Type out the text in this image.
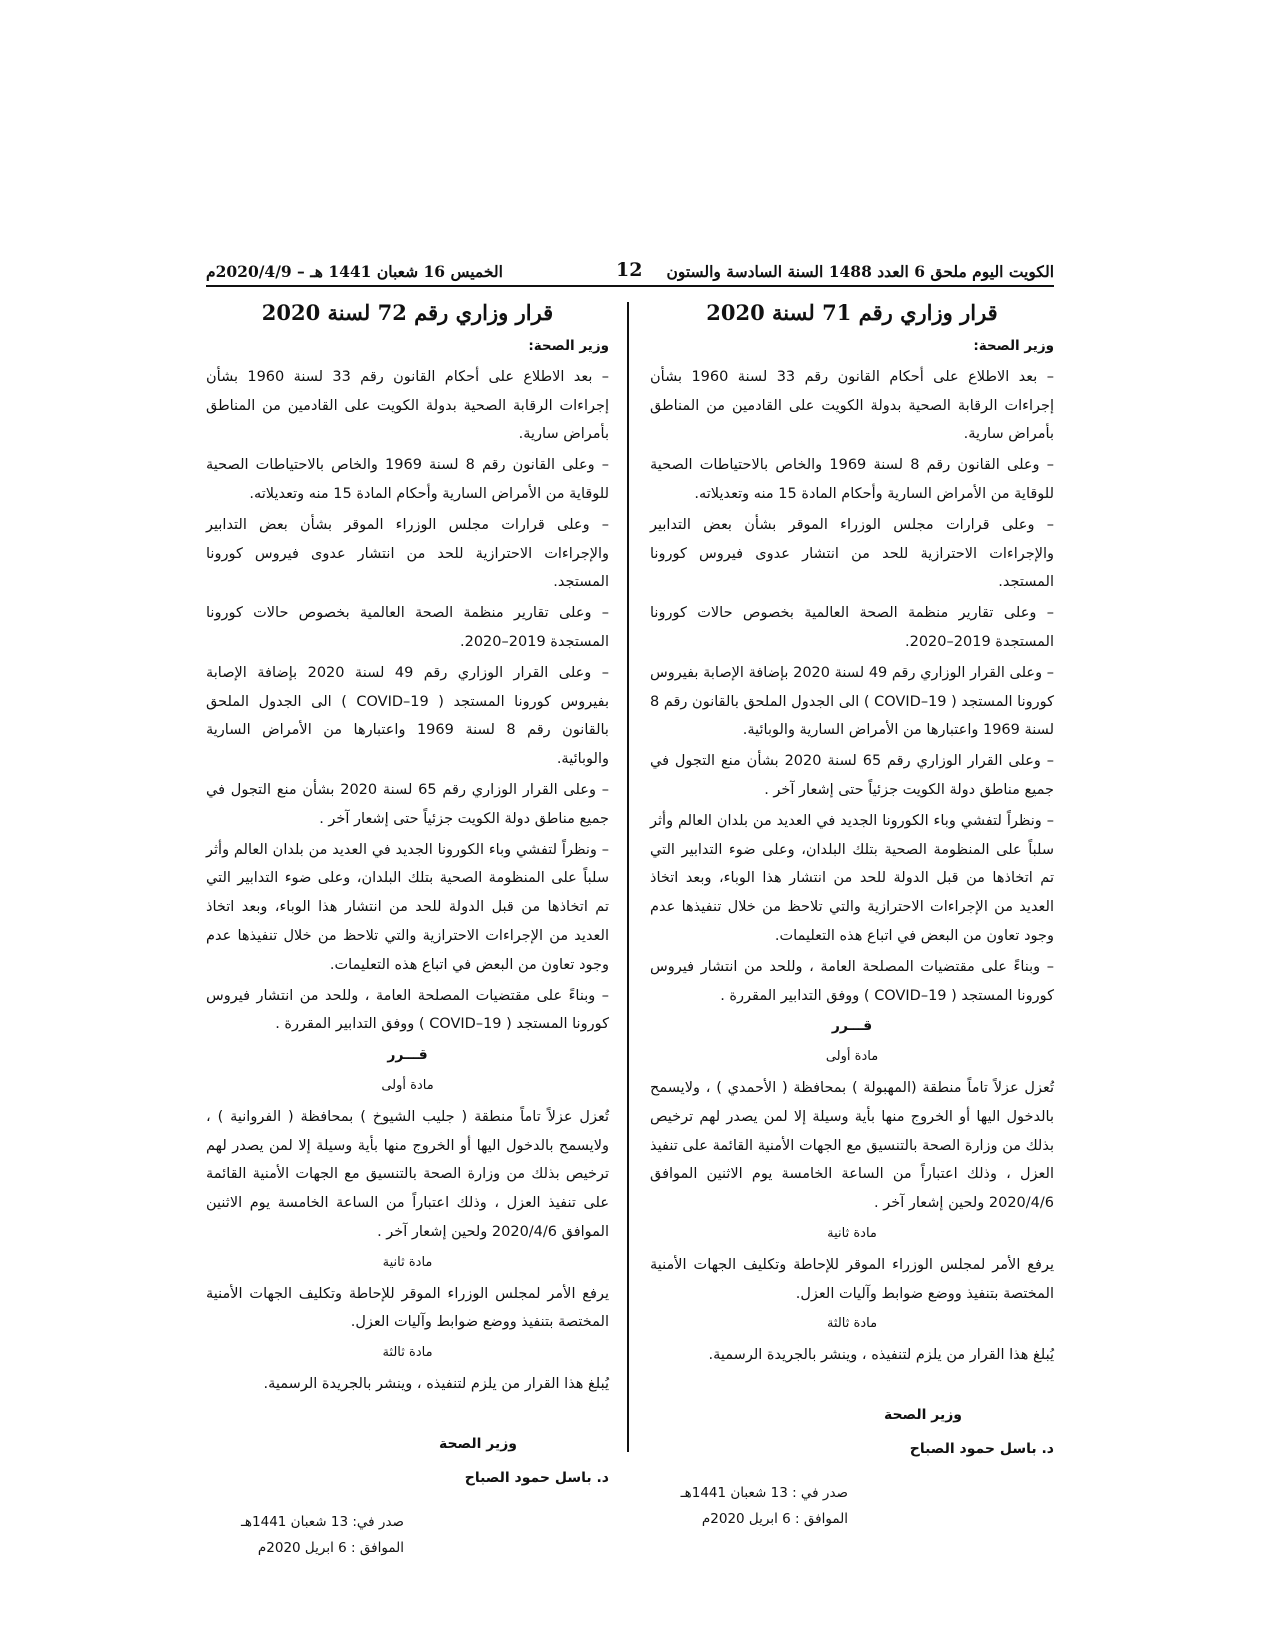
الكويت اليوم ملحق 6 العدد 1488 السنة السادسة والستون
12
الخميس 16 شعبان 1441 هـ – 2020/4/9م
قرار وزاري رقم 71 لسنة 2020
وزير الصحة:

– بعد الاطلاع على أحكام القانون رقم 33 لسنة 1960 بشأن إجراءات الرقابة الصحية بدولة الكويت على القادمين من المناطق بأمراض سارية.

– وعلى القانون رقم 8 لسنة 1969 والخاص بالاحتياطات الصحية للوقاية من الأمراض السارية وأحكام المادة 15 منه وتعديلاته.

– وعلى قرارات مجلس الوزراء الموقر بشأن بعض التدابير والإجراءات الاحترازية للحد من انتشار عدوى فيروس كورونا المستجد.

– وعلى تقارير منظمة الصحة العالمية بخصوص حالات كورونا المستجدة 2019–2020.

– وعلى القرار الوزاري رقم 49 لسنة 2020 بإضافة الإصابة بفيروس كورونا المستجد ( COVID–19 ) الى الجدول الملحق بالقانون رقم 8 لسنة 1969 واعتبارها من الأمراض السارية والوبائية.

– وعلى القرار الوزاري رقم 65 لسنة 2020 بشأن منع التجول في جميع مناطق دولة الكويت جزئياً حتى إشعار آخر .

– ونظراً لتفشي وباء الكورونا الجديد في العديد من بلدان العالم وأثر سلباً على المنظومة الصحية بتلك البلدان، وعلى ضوء التدابير التي تم اتخاذها من قبل الدولة للحد من انتشار هذا الوباء، وبعد اتخاذ العديد من الإجراءات الاحترازية والتي تلاحظ من خلال تنفيذها عدم وجود تعاون من البعض في اتباع هذه التعليمات.

– وبناءً على مقتضيات المصلحة العامة ، وللحد من انتشار فيروس كورونا المستجد ( COVID–19 ) ووفق التدابير المقررة .

قـــرر
مادة أولى

تُعزل عزلاً تاماً منطقة (المهبولة ) بمحافظة ( الأحمدي ) ، ولايسمح بالدخول اليها أو الخروج منها بأية وسيلة إلا لمن يصدر لهم ترخيص بذلك من وزارة الصحة بالتنسيق مع الجهات الأمنية القائمة على تنفيذ العزل ، وذلك اعتباراً من الساعة الخامسة يوم الاثنين الموافق 2020/4/6 ولحين إشعار آخر .

مادة ثانية

يرفع الأمر لمجلس الوزراء الموقر للإحاطة وتكليف الجهات الأمنية المختصة بتنفيذ ووضع ضوابط وآليات العزل.

مادة ثالثة

يُبلغ هذا القرار من يلزم لتنفيذه ، وينشر بالجريدة الرسمية.

وزير الصحة
د. باسل حمود الصباح
صدر في : 13 شعبان 1441هـ
الموافق : 6 ابريل 2020م
قرار وزاري رقم 72 لسنة 2020
وزير الصحة:

– بعد الاطلاع على أحكام القانون رقم 33 لسنة 1960 بشأن إجراءات الرقابة الصحية بدولة الكويت على القادمين من المناطق بأمراض سارية.

– وعلى القانون رقم 8 لسنة 1969 والخاص بالاحتياطات الصحية للوقاية من الأمراض السارية وأحكام المادة 15 منه وتعديلاته.

– وعلى قرارات مجلس الوزراء الموقر بشأن بعض التدابير والإجراءات الاحترازية للحد من انتشار عدوى فيروس كورونا المستجد.

– وعلى تقارير منظمة الصحة العالمية بخصوص حالات كورونا المستجدة 2019–2020.

– وعلى القرار الوزاري رقم 49 لسنة 2020 بإضافة الإصابة بفيروس كورونا المستجد ( COVID–19 ) الى الجدول الملحق بالقانون رقم 8 لسنة 1969 واعتبارها من الأمراض السارية والوبائية.

– وعلى القرار الوزاري رقم 65 لسنة 2020 بشأن منع التجول في جميع مناطق دولة الكويت جزئياً حتى إشعار آخر .

– ونظراً لتفشي وباء الكورونا الجديد في العديد من بلدان العالم وأثر سلباً على المنظومة الصحية بتلك البلدان، وعلى ضوء التدابير التي تم اتخاذها من قبل الدولة للحد من انتشار هذا الوباء، وبعد اتخاذ العديد من الإجراءات الاحترازية والتي تلاحظ من خلال تنفيذها عدم وجود تعاون من البعض في اتباع هذه التعليمات.

– وبناءً على مقتضيات المصلحة العامة ، وللحد من انتشار فيروس كورونا المستجد ( COVID–19 ) ووفق التدابير المقررة .

قـــرر
مادة أولى

تُعزل عزلاً تاماً منطقة ( جليب الشيوخ ) بمحافظة ( الفروانية ) ، ولايسمح بالدخول اليها أو الخروج منها بأية وسيلة إلا لمن يصدر لهم ترخيص بذلك من وزارة الصحة بالتنسيق مع الجهات الأمنية القائمة على تنفيذ العزل ، وذلك اعتباراً من الساعة الخامسة يوم الاثنين الموافق 2020/4/6 ولحين إشعار آخر .

مادة ثانية

يرفع الأمر لمجلس الوزراء الموقر للإحاطة وتكليف الجهات الأمنية المختصة بتنفيذ ووضع ضوابط وآليات العزل.

مادة ثالثة

يُبلغ هذا القرار من يلزم لتنفيذه ، وينشر بالجريدة الرسمية.

وزير الصحة
د. باسل حمود الصباح
صدر في: 13 شعبان 1441هـ
الموافق : 6 ابريل 2020م
